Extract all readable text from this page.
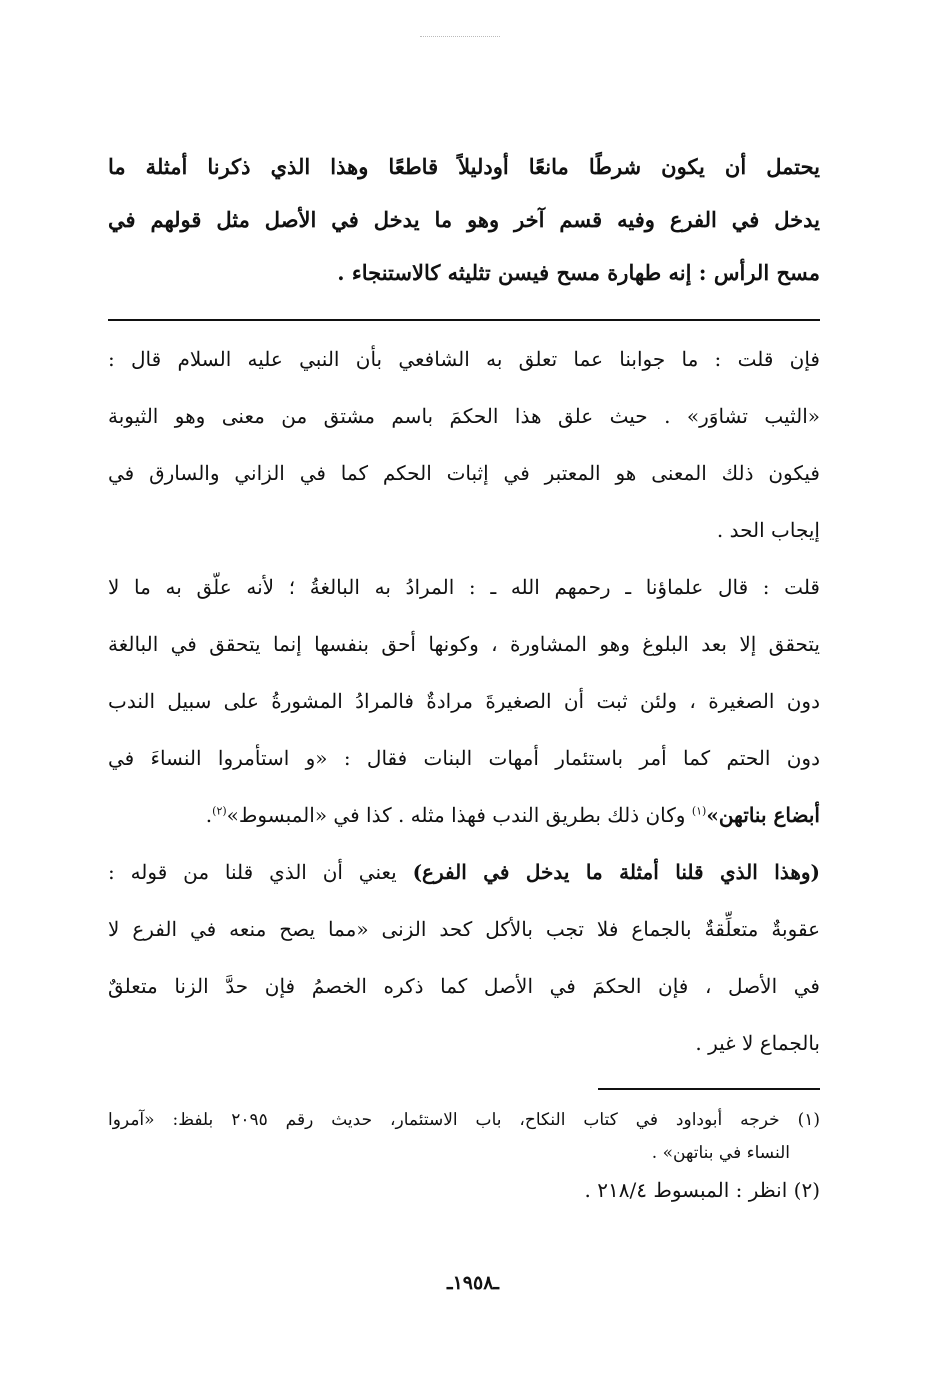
يحتمل أن يكون شرطًا مانعًا أودليلاً قاطعًا وهذا الذي ذكرنا أمثلة ما
يدخل في الفرع وفيه قسم آخر وهو ما يدخل في الأصل مثل قولهم في
مسح الرأس : إنه طهارة مسح فيسن تثليثه كالاستنجاء .
فإن قلت : ما جوابنا عما تعلق به الشافعي بأن النبي عليه السلام قال :
«الثيب تشاوَر» . حيث علق هذا الحكمَ باسم مشتق من معنى وهو الثيوبة
فيكون ذلك المعنى هو المعتبر في إثبات الحكم كما في الزاني والسارق في
إيجاب الحد .
قلت : قال علماؤنا ـ رحمهم الله ـ : المرادُ به البالغةُ ؛ لأنه علّق به ما لا
يتحقق إلا بعد البلوغ وهو المشاورة ، وكونها أحق بنفسها إنما يتحقق في البالغة
دون الصغيرة ، ولئن ثبت أن الصغيرةَ مرادةٌ فالمرادُ المشورةُ على سبيل الندب
دون الحتم كما أمر باستئمار أمهات البنات فقال : «و استأمروا النساءَ في
أبضاع بناتهن»$^{(١)}$ وكان ذلك بطريق الندب فهذا مثله . كذا في «المبسوط»$^{(٢)}$.
(وهذا الذي قلنا أمثلة ما يدخل في الفرع) يعني أن الذي قلنا من قوله :
عقوبةٌ متعلِّقةٌ بالجماع فلا تجب بالأكل كحد الزنى «مما يصح منعه في الفرع لا
في الأصل ، فإن الحكمَ في الأصل كما ذكره الخصمُ فإن حدَّ الزنا متعلقٌ
بالجماع لا غير .
(١) خرجه أبوداود في كتاب النكاح، باب الاستئمار، حديث رقم ٢٠٩٥ بلفظ: «آمروا
النساء في بناتهن» .
(٢) انظر : المبسوط ٢١٨/٤ .
ـ١٩٥٨ـ
